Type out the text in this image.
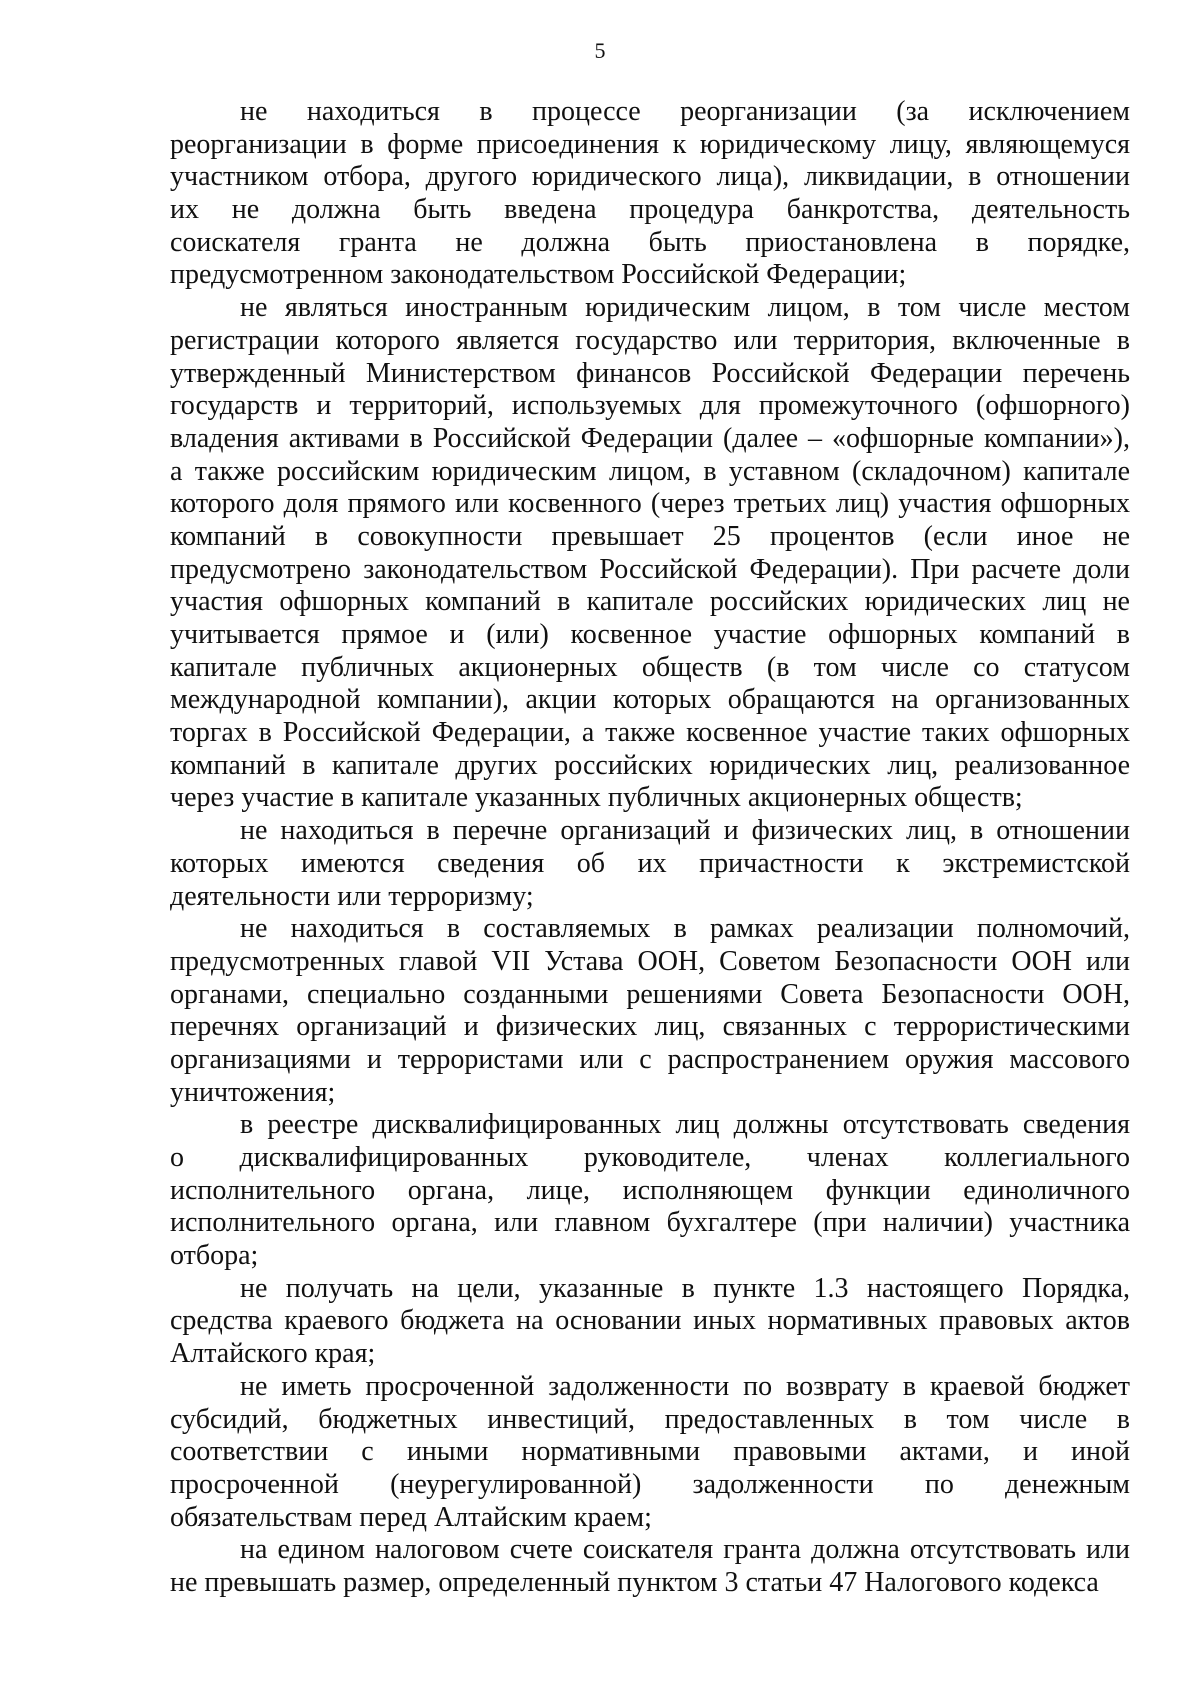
5
не находиться в процессе реорганизации (за исключением
реорганизации в форме присоединения к юридическому лицу, являющемуся
участником отбора, другого юридического лица), ликвидации, в отношении
их не должна быть введена процедура банкротства, деятельность
соискателя гранта не должна быть приостановлена в порядке,
предусмотренном законодательством Российской Федерации;
не являться иностранным юридическим лицом, в том числе местом
регистрации которого является государство или территория, включенные в
утвержденный Министерством финансов Российской Федерации перечень
государств и территорий, используемых для промежуточного (офшорного)
владения активами в Российской Федерации (далее – «офшорные компании»),
а также российским юридическим лицом, в уставном (складочном) капитале
которого доля прямого или косвенного (через третьих лиц) участия офшорных
компаний в совокупности превышает 25 процентов (если иное не
предусмотрено законодательством Российской Федерации). При расчете доли
участия офшорных компаний в капитале российских юридических лиц не
учитывается прямое и (или) косвенное участие офшорных компаний в
капитале публичных акционерных обществ (в том числе со статусом
международной компании), акции которых обращаются на организованных
торгах в Российской Федерации, а также косвенное участие таких офшорных
компаний в капитале других российских юридических лиц, реализованное
через участие в капитале указанных публичных акционерных обществ;
не находиться в перечне организаций и физических лиц, в отношении
которых имеются сведения об их причастности к экстремистской
деятельности или терроризму;
не находиться в составляемых в рамках реализации полномочий,
предусмотренных главой VII Устава ООН, Советом Безопасности ООН или
органами, специально созданными решениями Совета Безопасности ООН,
перечнях организаций и физических лиц, связанных с террористическими
организациями и террористами или с распространением оружия массового
уничтожения;
в реестре дисквалифицированных лиц должны отсутствовать сведения
о дисквалифицированных руководителе, членах коллегиального
исполнительного органа, лице, исполняющем функции единоличного
исполнительного органа, или главном бухгалтере (при наличии) участника
отбора;
не получать на цели, указанные в пункте 1.3 настоящего Порядка,
средства краевого бюджета на основании иных нормативных правовых актов
Алтайского края;
не иметь просроченной задолженности по возврату в краевой бюджет
субсидий, бюджетных инвестиций, предоставленных в том числе в
соответствии с иными нормативными правовыми актами, и иной
просроченной (неурегулированной) задолженности по денежным
обязательствам перед Алтайским краем;
на едином налоговом счете соискателя гранта должна отсутствовать или
не превышать размер, определенный пунктом 3 статьи 47 Налогового кодекса
